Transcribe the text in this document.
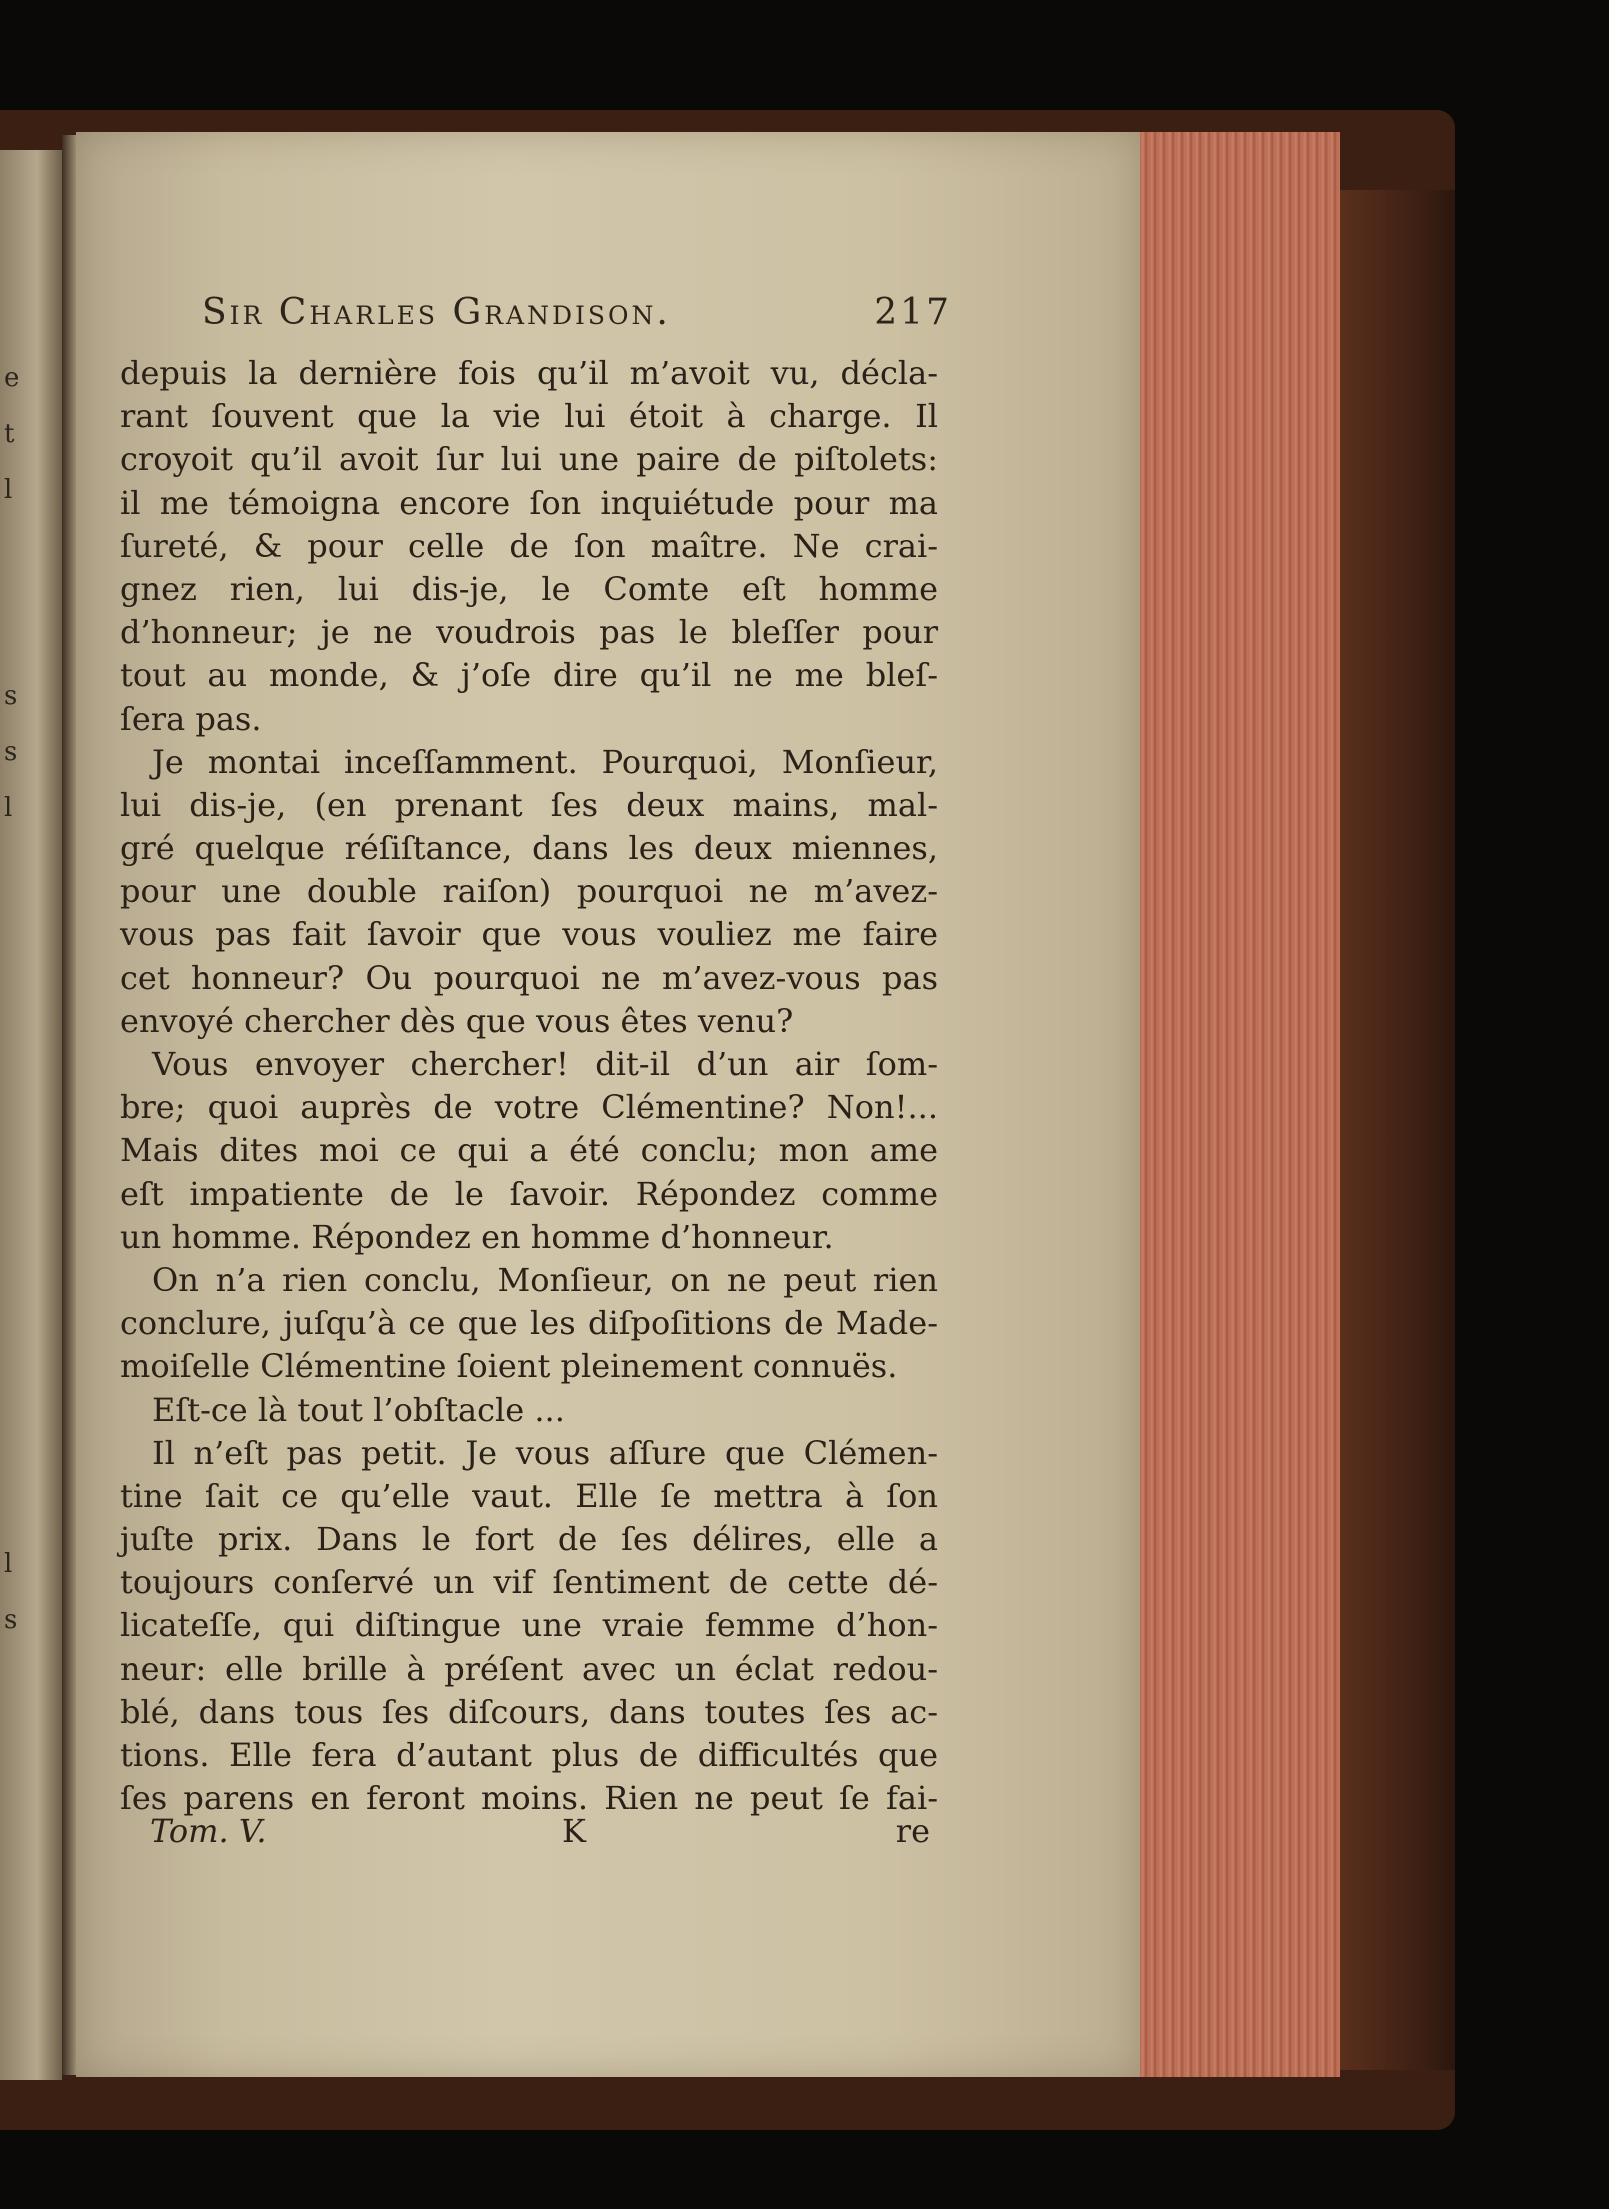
e
t
l
s
s
l
l
s
Sir Charles Grandison.	217
depuis la dernière fois qu’il m’avoit vu, décla-
rant ſouvent que la vie lui étoit à charge. Il
croyoit qu’il avoit ſur lui une paire de piſtolets:
il me témoigna encore ſon inquiétude pour ma
ſureté, & pour celle de ſon maître. Ne crai-
gnez rien, lui dis-je, le Comte eſt homme
d’honneur; je ne voudrois pas le bleſſer pour
tout au monde, & j’oſe dire qu’il ne me bleſ-
ſera pas.
Je montai inceſſamment. Pourquoi, Monſieur,
lui dis-je, (en prenant ſes deux mains, mal-
gré quelque réſiſtance, dans les deux miennes,
pour une double raiſon) pourquoi ne m’avez-
vous pas fait ſavoir que vous vouliez me faire
cet honneur? Ou pourquoi ne m’avez-vous pas
envoyé chercher dès que vous êtes venu?
Vous envoyer chercher! dit-il d’un air ſom-
bre; quoi auprès de votre Clémentine? Non!...
Mais dites moi ce qui a été conclu; mon ame
eſt impatiente de le ſavoir. Répondez comme
un homme. Répondez en homme d’honneur.
On n’a rien conclu, Monſieur, on ne peut rien
conclure, juſqu’à ce que les diſpoſitions de Made-
moiſelle Clémentine ſoient pleinement connuës.
Eſt-ce là tout l’obſtacle ...
Il n’eſt pas petit. Je vous aſſure que Clémen-
tine ſait ce qu’elle vaut. Elle ſe mettra à ſon
juſte prix. Dans le fort de ſes délires, elle a
toujours conſervé un vif ſentiment de cette dé-
licateſſe, qui diſtingue une vraie femme d’hon-
neur: elle brille à préſent avec un éclat redou-
blé, dans tous ſes diſcours, dans toutes ſes ac-
tions. Elle fera d’autant plus de difficultés que
ſes parens en feront moins. Rien ne peut ſe fai-
Tom. V.	K	re
